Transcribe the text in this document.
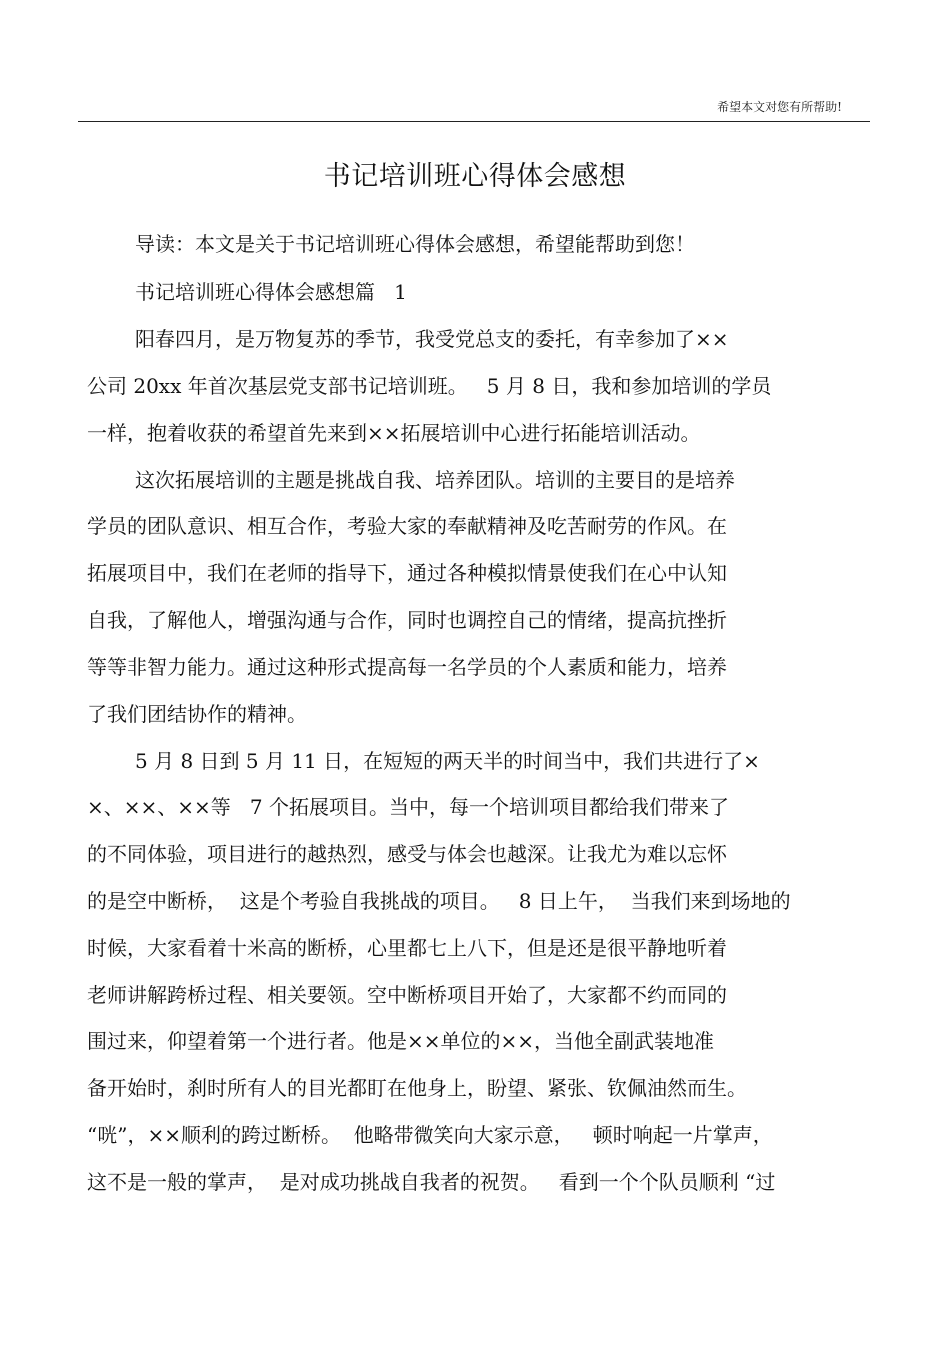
希望本文对您有所帮助!
书记培训班心得体会感想
导读：本文是关于书记培训班心得体会感想，希望能帮助到您！
书记培训班心得体会感想篇   1
阳春四月，是万物复苏的季节，我受党总支的委托，有幸参加了××
公司 20xx 年首次基层党支部书记培训班。   5 月 8 日，我和参加培训的学员
一样，抱着收获的希望首先来到××拓展培训中心进行拓能培训活动。
这次拓展培训的主题是挑战自我、培养团队。培训的主要目的是培养
学员的团队意识、相互合作，考验大家的奉献精神及吃苦耐劳的作风。在
拓展项目中，我们在老师的指导下，通过各种模拟情景使我们在心中认知
自我，了解他人，增强沟通与合作，同时也调控自己的情绪，提高抗挫折
等等非智力能力。通过这种形式提高每一名学员的个人素质和能力，培养
了我们团结协作的精神。
5 月 8 日到 5 月 11 日，在短短的两天半的时间当中，我们共进行了×
×、××、××等   7 个拓展项目。当中，每一个培训项目都给我们带来了
的不同体验，项目进行的越热烈，感受与体会也越深。让我尤为难以忘怀
的是空中断桥，  这是个考验自我挑战的项目。   8 日上午，  当我们来到场地的
时候，大家看着十米高的断桥，心里都七上八下，但是还是很平静地听着
老师讲解跨桥过程、相关要领。空中断桥项目开始了，大家都不约而同的
围过来，仰望着第一个进行者。他是××单位的××，当他全副武装地准
备开始时，刹时所有人的目光都盯在他身上，盼望、紧张、钦佩油然而生。
“咣”，××顺利的跨过断桥。  他略带微笑向大家示意，   顿时响起一片掌声，
这不是一般的掌声，  是对成功挑战自我者的祝贺。   看到一个个队员顺利 “过
